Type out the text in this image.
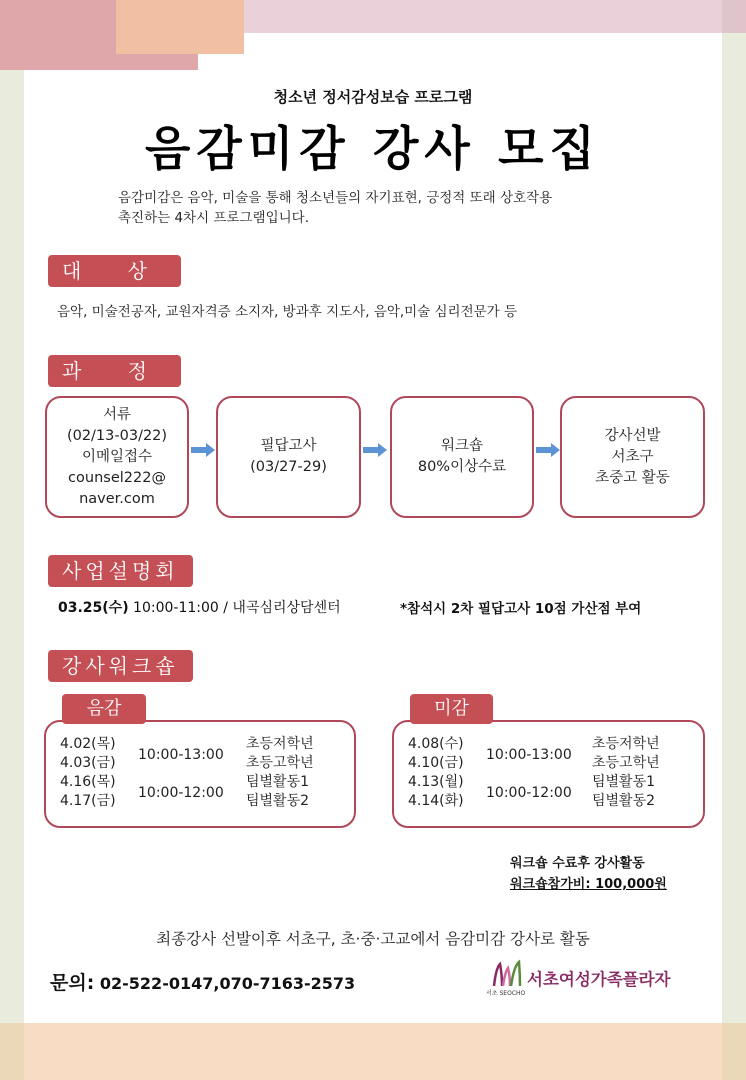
청소년 정서감성보습 프로그램
음감미감 강사 모집
음감미감은 음악, 미술을 통해 청소년들의 자기표현, 긍정적 또래 상호작용
촉진하는 4차시 프로그램입니다.
대 상
음악, 미술전공자, 교원자격증 소지자, 방과후 지도사, 음악,미술 심리전문가 등
과 정
서류
(02/13-03/22)
이메일접수
counsel222@
naver.com
필답고사
(03/27-29)
워크숍
80%이상수료
강사선발
서초구
초중고 활동
사업설명회
03.25(수) 10:00-11:00 / 내곡심리상담센터	*참석시 2차 필답고사 10점 가산점 부여
강사워크숍
4.02(목)
4.03(금)
4.16(목)
4.17(금)
10:00-13:00
10:00-12:00
초등저학년
초등고학년
팀별활동1
팀별활동2
음감
4.08(수)
4.10(금)
4.13(월)
4.14(화)
10:00-13:00
10:00-12:00
초등저학년
초등고학년
팀별활동1
팀별활동2
미감
워크숍 수료후 강사활동
워크숍참가비: 100,000원
최종강사 선발이후 서초구, 초·중·고교에서 음감미감 강사로 활동
문의: 02-522-0147,070-7163-2573	서초여성가족플라자
서초 SEOCHO
